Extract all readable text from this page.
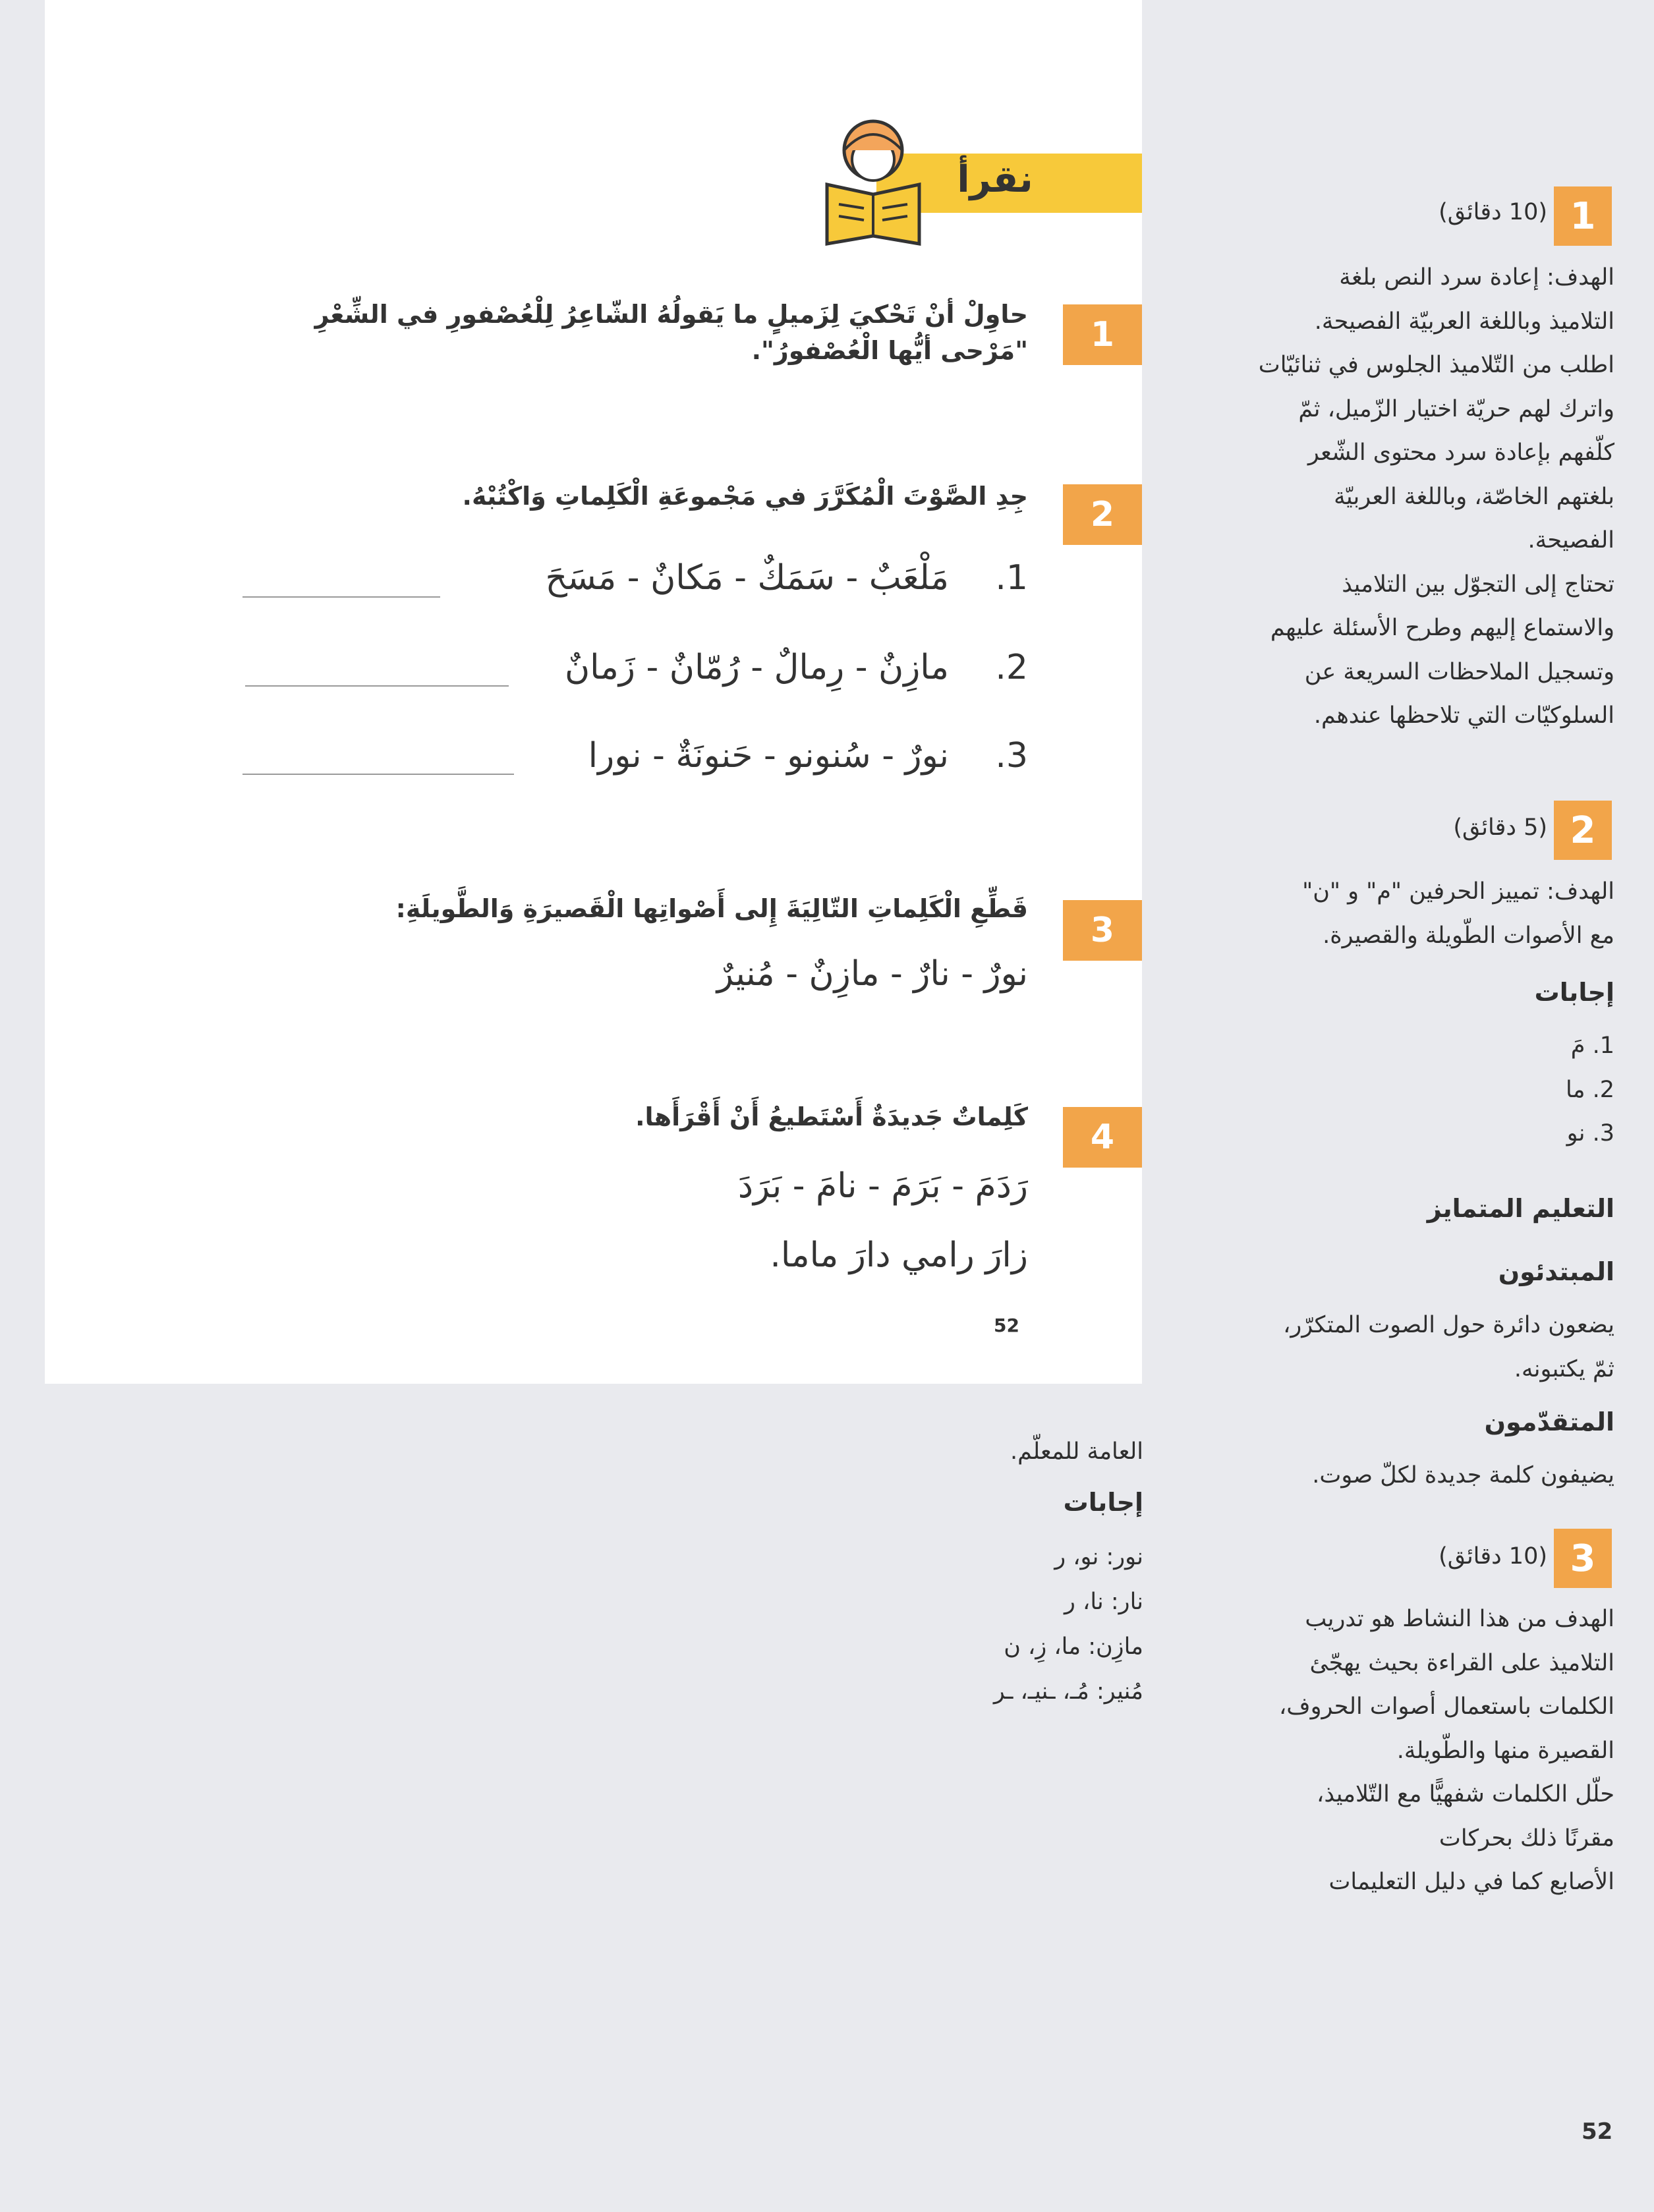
نقرأ
1
حاوِلْ أنْ تَحْكيَ لِزَميلٍ ما يَقولُهُ الشّاعِرُ لِلْعُصْفورِ في الشِّعْرِ "مَرْحى أيُّها الْعُصْفورُ".
2
جِدِ الصَّوْتَ الْمُكَرَّرَ في مَجْموعَةِ الْكَلِماتِ وَاكْتُبْهُ.
مَلْعَبٌ - سَمَكٌ - مَكانٌ - مَسَحَ	1.
مازِنٌ - رِمالٌ - رُمّانٌ - زَمانٌ	2.
نورٌ - سُنونو - حَنونَةٌ - نورا	3.
3
قَطِّعِ الْكَلِماتِ التّالِيَةَ إِلى أَصْواتِها الْقَصيرَةِ وَالطَّويلَةِ:
نورٌ - نارٌ - مازِنٌ - مُنيرٌ
4
كَلِماتٌ جَديدَةٌ أَسْتَطيعُ أَنْ أَقْرَأَها.
رَدَمَ - بَرَمَ - نامَ - بَرَدَ
زارَ رامي دارَ ماما.
52
العامة للمعلّم.
إجابات
نور: نو، ر
نار: نا، ر
مازِن: ما، زِ، ن
مُنير: مُـ، ـنيـ، ـر
1
(10 دقائق)
الهدف: إعادة سرد النص بلغة
التلاميذ وباللغة العربيّة الفصيحة.
اطلب من التّلاميذ الجلوس في ثنائيّات
واترك لهم حريّة اختيار الزّميل، ثمّ
كلّفهم بإعادة سرد محتوى الشّعر
بلغتهم الخاصّة، وباللغة العربيّة
الفصيحة.
تحتاج إلى التجوّل بين التلاميذ
والاستماع إليهم وطرح الأسئلة عليهم
وتسجيل الملاحظات السريعة عن
السلوكيّات التي تلاحظها عندهم.
2
(5 دقائق)
الهدف: تمييز الحرفين "م" و "ن"
مع الأصوات الطّويلة والقصيرة.
إجابات
1. مَ
2. ما
3. نو
التعليم المتمايز
المبتدئون
يضعون دائرة حول الصوت المتكرّر،
ثمّ يكتبونه.
المتقدّمون
يضيفون كلمة جديدة لكلّ صوت.
3
(10 دقائق)
الهدف من هذا النشاط هو تدريب
التلاميذ على القراءة بحيث يهجّئ
الكلمات باستعمال أصوات الحروف،
القصيرة منها والطّويلة.
حلّل الكلمات شفهيًّا مع التّلاميذ،
مقرنًا ذلك بحركات
الأصابع كما في دليل التعليمات
52
